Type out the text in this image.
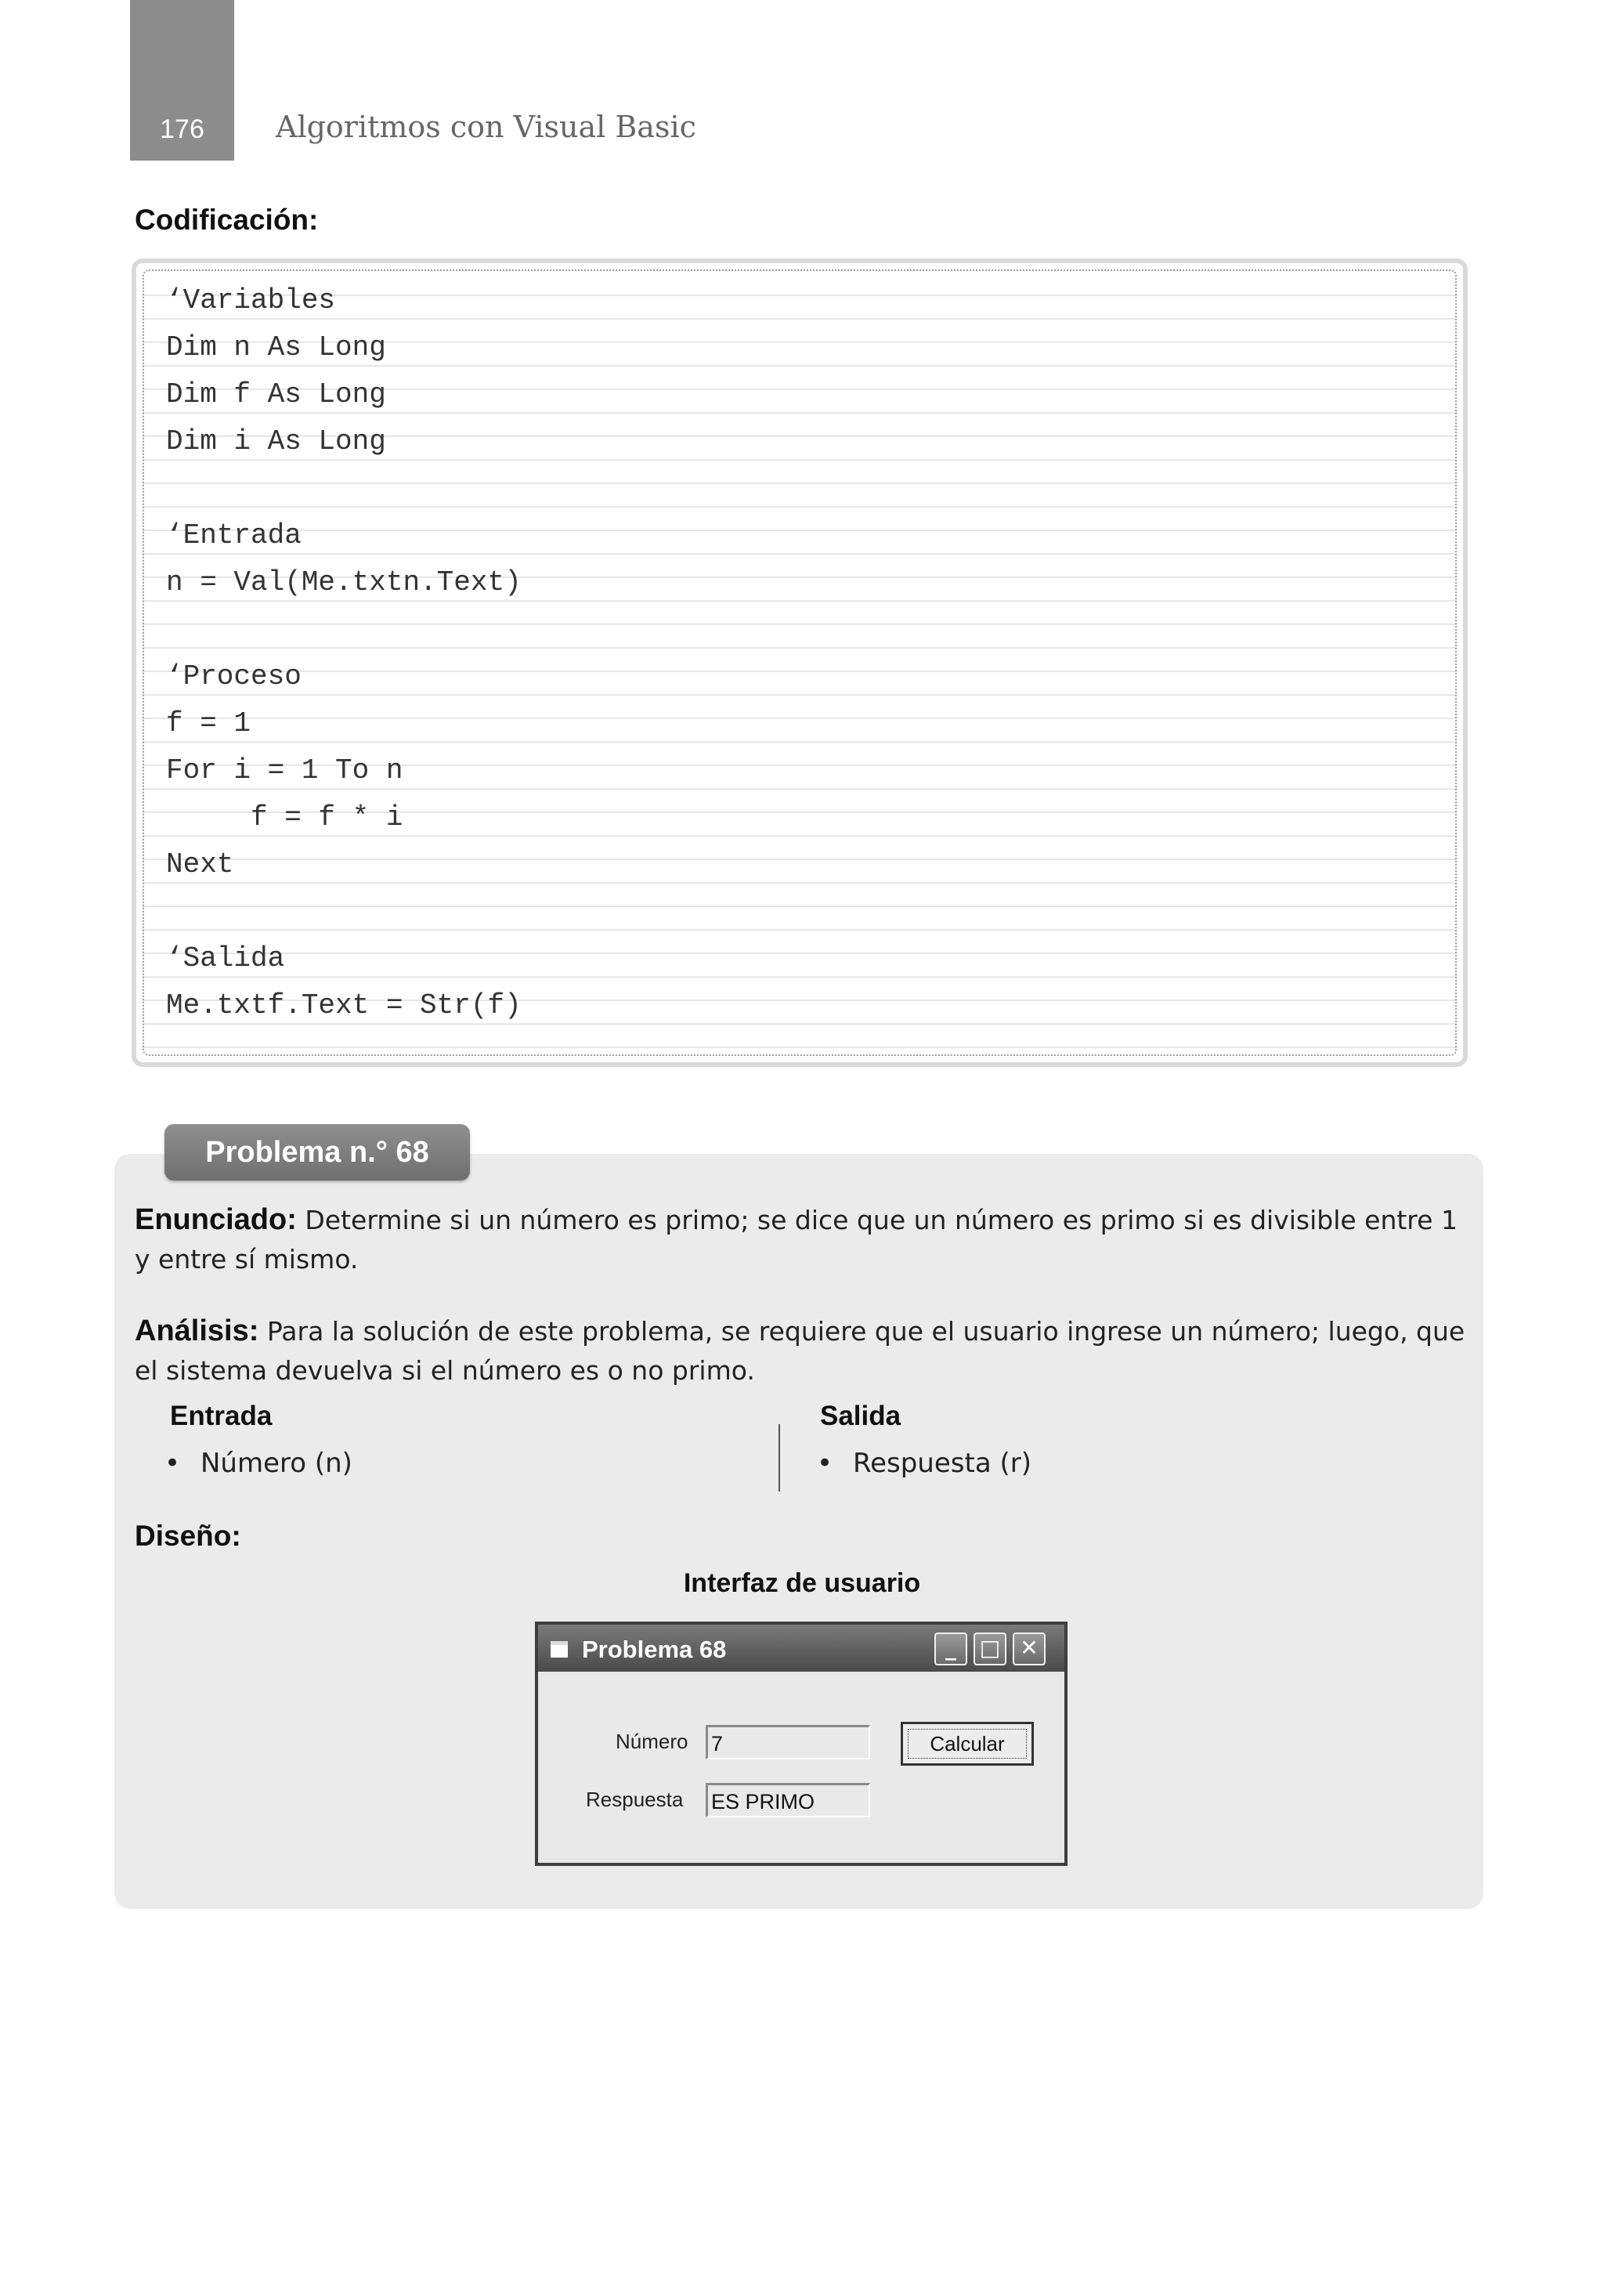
176	Algoritmos con Visual Basic
Codificación:
‘Variables
Dim n As Long
Dim f As Long
Dim i As Long
‘Entrada
n = Val(Me.txtn.Text)
‘Proceso
f = 1
For i = 1 To n
f = f * i
Next
‘Salida
Me.txtf.Text = Str(f)
Problema n.° 68
Enunciado: Determine si un número es primo; se dice que un número es primo si es divisible entre 1 y entre sí mismo.
Análisis: Para la solución de este problema, se requiere que el usuario ingrese un número; luego, que el sistema devuelva si el número es o no primo.
Entrada
• Número (n)
Salida
• Respuesta (r)
Diseño:
Interfaz de usuario
Problema 68	_	□ ✕
Número 7
Respuesta ES PRIMO
Calcular
